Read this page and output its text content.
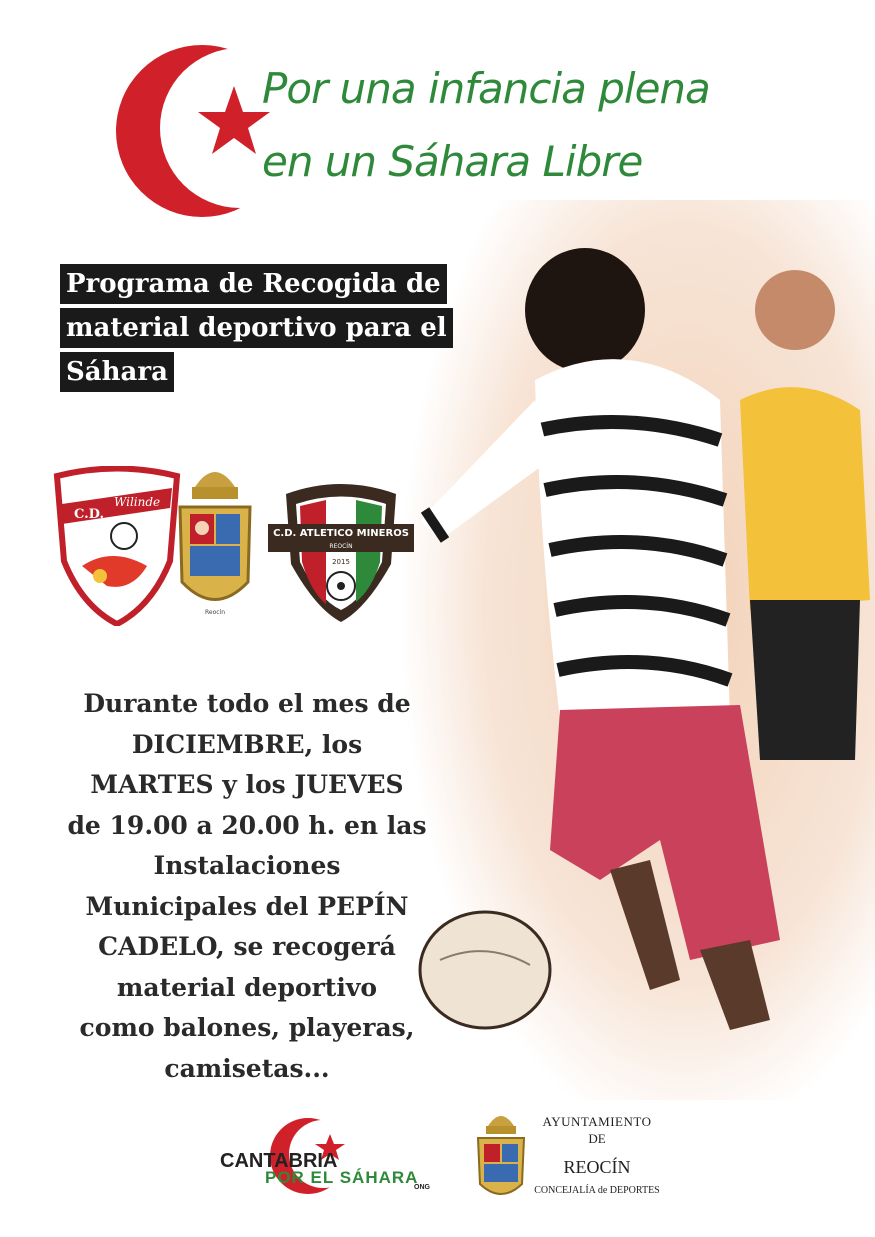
Por una infancia plena
en un Sáhara Libre
Programa de Recogida de
material deportivo para el
Sáhara
C.D.
Wilinde
Reocín
Reocín
C.D. ATLETICO MINEROS
REOCÍN
2015
Durante todo el mes de
DICIEMBRE, los
MARTES y los JUEVES
de 19.00 a 20.00 h. en las
Instalaciones
Municipales del PEPÍN
CADELO, se recogerá
material deportivo
como balones, playeras,
camisetas...
CANTABRIA
POR EL SÁHARA
ONG
AYUNTAMIENTO
DE
REOCÍN
CONCEJALÍA de DEPORTES
